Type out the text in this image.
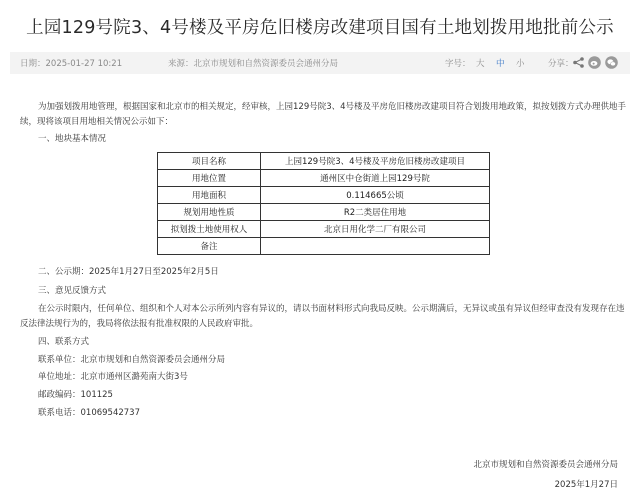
上园129号院3、4号楼及平房危旧楼房改建项目国有土地划拨用地批前公示
日期：2025-01-27 10:21	来源：北京市规划和自然资源委员会通州分局	字号： 大 中 小	分享：
为加强划拨用地管理，根据国家和北京市的相关规定，经审核，上园129号院3、4号楼及平房危旧楼房改建项目符合划拨用地政策，拟按划拨方式办理供地手续，现将该项目用地相关情况公示如下：
一、地块基本情况
项目名称	上园129号院3、4号楼及平房危旧楼房改建项目
用地位置	通州区中仓街道上园129号院
用地面积	0.114665公顷
规划用地性质	R2二类居住用地
拟划拨土地使用权人	北京日用化学二厂有限公司
备注	
二、公示期：2025年1月27日至2025年2月5日
三、意见反馈方式
在公示时限内，任何单位、组织和个人对本公示所列内容有异议的，请以书面材料形式向我局反映。公示期满后，无异议或虽有异议但经审查没有发现存在违反法律法规行为的，我局将依法报有批准权限的人民政府审批。
四、联系方式
联系单位：北京市规划和自然资源委员会通州分局
单位地址：北京市通州区潞苑南大街3号
邮政编码：101125
联系电话：01069542737
北京市规划和自然资源委员会通州分局
2025年1月27日
